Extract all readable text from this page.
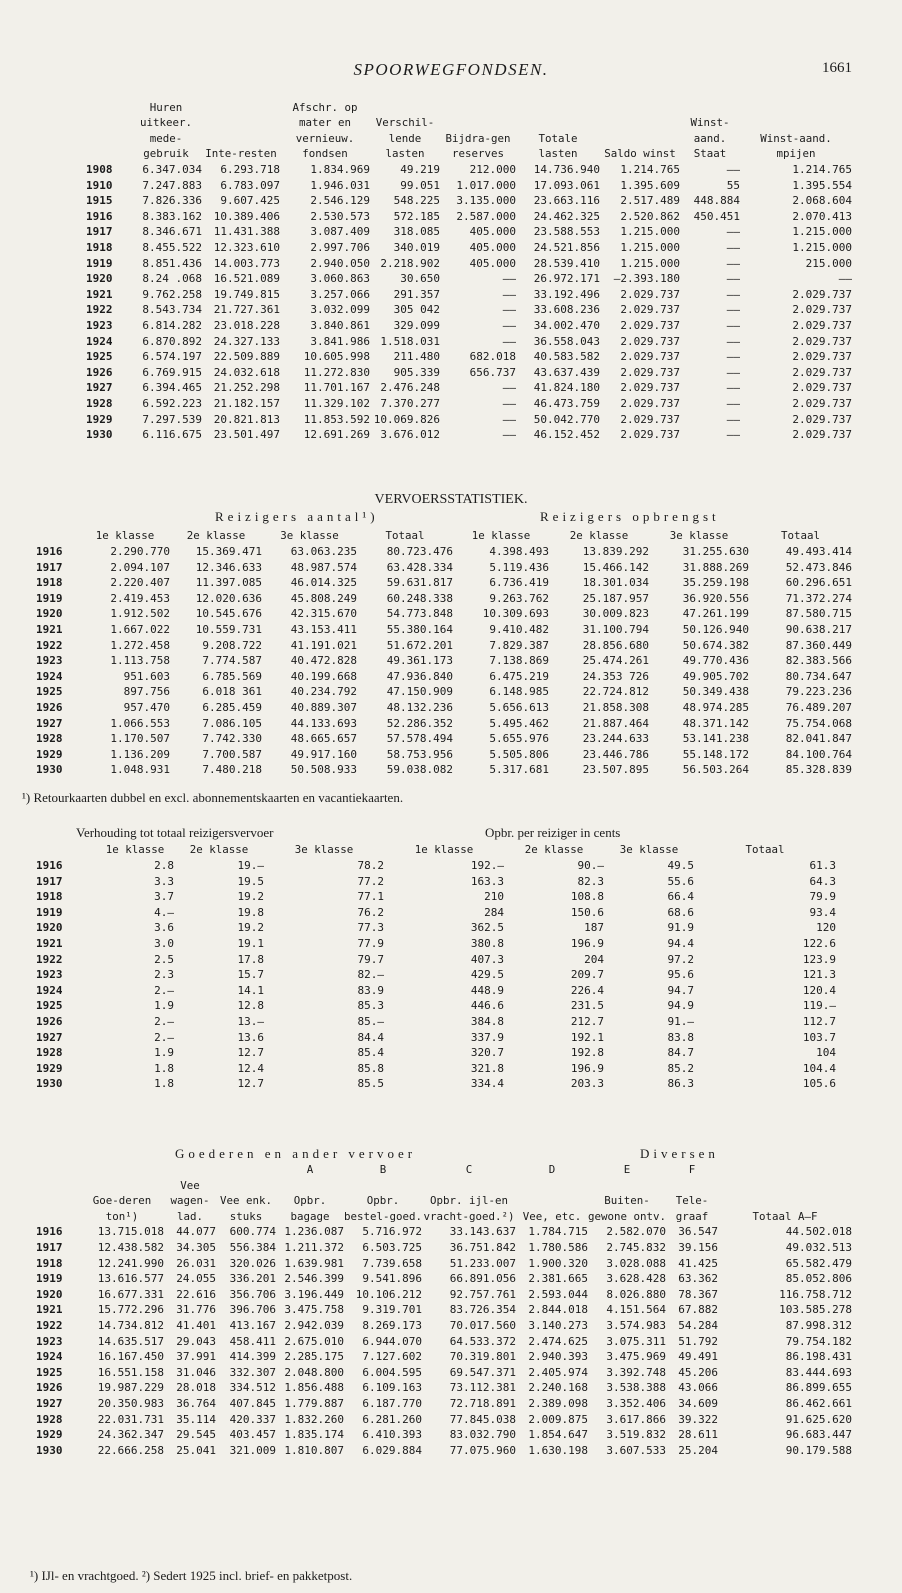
SPOORWEGFONDSEN.	1661
	Huren uitkeer. mede-gebruik	Inte-resten	Afschr. op mater en vernieuw. fondsen	Verschil-lende lasten	Bijdra-gen reserves	Totale lasten	Saldo winst	Winst-aand. Staat	Winst-aand. mpijen
1908	6.347.034	6.293.718	1.834.969	49.219	212.000	14.736.940	1.214.765	——	1.214.765
1910	7.247.883	6.783.097	1.946.031	99.051	1.017.000	17.093.061	1.395.609	55	1.395.554
1915	7.826.336	9.607.425	2.546.129	548.225	3.135.000	23.663.116	2.517.489	448.884	2.068.604
1916	8.383.162	10.389.406	2.530.573	572.185	2.587.000	24.462.325	2.520.862	450.451	2.070.413
1917	8.346.671	11.431.388	3.087.409	318.085	405.000	23.588.553	1.215.000	——	1.215.000
1918	8.455.522	12.323.610	2.997.706	340.019	405.000	24.521.856	1.215.000	——	1.215.000
1919	8.851.436	14.003.773	2.940.050	2.218.902	405.000	28.539.410	1.215.000	——	215.000
1920	8.24 .068	16.521.089	3.060.863	30.650	——	26.972.171	—2.393.180	——	——
1921	9.762.258	19.749.815	3.257.066	291.357	——	33.192.496	2.029.737	——	2.029.737
1922	8.543.734	21.727.361	3.032.099	305 042	——	33.608.236	2.029.737	——	2.029.737
1923	6.814.282	23.018.228	3.840.861	329.099	——	34.002.470	2.029.737	——	2.029.737
1924	6.870.892	24.327.133	3.841.986	1.518.031	——	36.558.043	2.029.737	——	2.029.737
1925	6.574.197	22.509.889	10.605.998	211.480	682.018	40.583.582	2.029.737	——	2.029.737
1926	6.769.915	24.032.618	11.272.830	905.339	656.737	43.637.439	2.029.737	——	2.029.737
1927	6.394.465	21.252.298	11.701.167	2.476.248	——	41.824.180	2.029.737	——	2.029.737
1928	6.592.223	21.182.157	11.329.102	7.370.277	——	46.473.759	2.029.737	——	2.029.737
1929	7.297.539	20.821.813	11.853.592	10.069.826	——	50.042.770	2.029.737	——	2.029.737
1930	6.116.675	23.501.497	12.691.269	3.676.012	——	46.152.452	2.029.737	——	2.029.737
VERVOERSSTATISTIEK.
Reizigers aantal¹)	Reizigers opbrengst
	1e klasse	2e klasse	3e klasse	Totaal	1e klasse	2e klasse	3e klasse	Totaal
1916	2.290.770	15.369.471	63.063.235	80.723.476	4.398.493	13.839.292	31.255.630	49.493.414
1917	2.094.107	12.346.633	48.987.574	63.428.334	5.119.436	15.466.142	31.888.269	52.473.846
1918	2.220.407	11.397.085	46.014.325	59.631.817	6.736.419	18.301.034	35.259.198	60.296.651
1919	2.419.453	12.020.636	45.808.249	60.248.338	9.263.762	25.187.957	36.920.556	71.372.274
1920	1.912.502	10.545.676	42.315.670	54.773.848	10.309.693	30.009.823	47.261.199	87.580.715
1921	1.667.022	10.559.731	43.153.411	55.380.164	9.410.482	31.100.794	50.126.940	90.638.217
1922	1.272.458	9.208.722	41.191.021	51.672.201	7.829.387	28.856.680	50.674.382	87.360.449
1923	1.113.758	7.774.587	40.472.828	49.361.173	7.138.869	25.474.261	49.770.436	82.383.566
1924	951.603	6.785.569	40.199.668	47.936.840	6.475.219	24.353 726	49.905.702	80.734.647
1925	897.756	6.018 361	40.234.792	47.150.909	6.148.985	22.724.812	50.349.438	79.223.236
1926	957.470	6.285.459	40.889.307	48.132.236	5.656.613	21.858.308	48.974.285	76.489.207
1927	1.066.553	7.086.105	44.133.693	52.286.352	5.495.462	21.887.464	48.371.142	75.754.068
1928	1.170.507	7.742.330	48.665.657	57.578.494	5.655.976	23.244.633	53.141.238	82.041.847
1929	1.136.209	7.700.587	49.917.160	58.753.956	5.505.806	23.446.786	55.148.172	84.100.764
1930	1.048.931	7.480.218	50.508.933	59.038.082	5.317.681	23.507.895	56.503.264	85.328.839
¹) Retourkaarten dubbel en excl. abonnementskaarten en vacantiekaarten.
Verhouding tot totaal reizigersvervoer	Opbr. per reiziger in cents
	1e klasse	2e klasse	3e klasse	1e klasse	2e klasse	3e klasse	Totaal
1916	2.8	19.—	78.2	192.—	90.—	49.5	61.3
1917	3.3	19.5	77.2	163.3	82.3	55.6	64.3
1918	3.7	19.2	77.1	210	108.8	66.4	79.9
1919	4.—	19.8	76.2	284	150.6	68.6	93.4
1920	3.6	19.2	77.3	362.5	187	91.9	120
1921	3.0	19.1	77.9	380.8	196.9	94.4	122.6
1922	2.5	17.8	79.7	407.3	204	97.2	123.9
1923	2.3	15.7	82.—	429.5	209.7	95.6	121.3
1924	2.—	14.1	83.9	448.9	226.4	94.7	120.4
1925	1.9	12.8	85.3	446.6	231.5	94.9	119.—
1926	2.—	13.—	85.—	384.8	212.7	91.—	112.7
1927	2.—	13.6	84.4	337.9	192.1	83.8	103.7
1928	1.9	12.7	85.4	320.7	192.8	84.7	104
1929	1.8	12.4	85.8	321.8	196.9	85.2	104.4
1930	1.8	12.7	85.5	334.4	203.3	86.3	105.6
Goederen en ander vervoer	Diversen
				A	B	C	D	E	F	
	Goe-deren ton¹)	Vee wagen-lad.	Vee enk. stuks	Opbr. bagage	Opbr. bestel-goed.	Opbr. ijl-en vracht-goed.²)	Vee, etc.	Buiten-gewone ontv.	Tele-graaf	Totaal A—F
1916	13.715.018	44.077	600.774	1.236.087	5.716.972	33.143.637	1.784.715	2.582.070	36.547	44.502.018
1917	12.438.582	34.305	556.384	1.211.372	6.503.725	36.751.842	1.780.586	2.745.832	39.156	49.032.513
1918	12.241.990	26.031	320.026	1.639.981	7.739.658	51.233.007	1.900.320	3.028.088	41.425	65.582.479
1919	13.616.577	24.055	336.201	2.546.399	9.541.896	66.891.056	2.381.665	3.628.428	63.362	85.052.806
1920	16.677.331	22.616	356.706	3.196.449	10.106.212	92.757.761	2.593.044	8.026.880	78.367	116.758.712
1921	15.772.296	31.776	396.706	3.475.758	9.319.701	83.726.354	2.844.018	4.151.564	67.882	103.585.278
1922	14.734.812	41.401	413.167	2.942.039	8.269.173	70.017.560	3.140.273	3.574.983	54.284	87.998.312
1923	14.635.517	29.043	458.411	2.675.010	6.944.070	64.533.372	2.474.625	3.075.311	51.792	79.754.182
1924	16.167.450	37.991	414.399	2.285.175	7.127.602	70.319.801	2.940.393	3.475.969	49.491	86.198.431
1925	16.551.158	31.046	332.307	2.048.800	6.004.595	69.547.371	2.405.974	3.392.748	45.206	83.444.693
1926	19.987.229	28.018	334.512	1.856.488	6.109.163	73.112.381	2.240.168	3.538.388	43.066	86.899.655
1927	20.350.983	36.764	407.845	1.779.887	6.187.770	72.718.891	2.389.098	3.352.406	34.609	86.462.661
1928	22.031.731	35.114	420.337	1.832.260	6.281.260	77.845.038	2.009.875	3.617.866	39.322	91.625.620
1929	24.362.347	29.545	403.457	1.835.174	6.410.393	83.032.790	1.854.647	3.519.832	28.611	96.683.447
1930	22.666.258	25.041	321.009	1.810.807	6.029.884	77.075.960	1.630.198	3.607.533	25.204	90.179.588
¹) IJl- en vrachtgoed. ²) Sedert 1925 incl. brief- en pakketpost.
